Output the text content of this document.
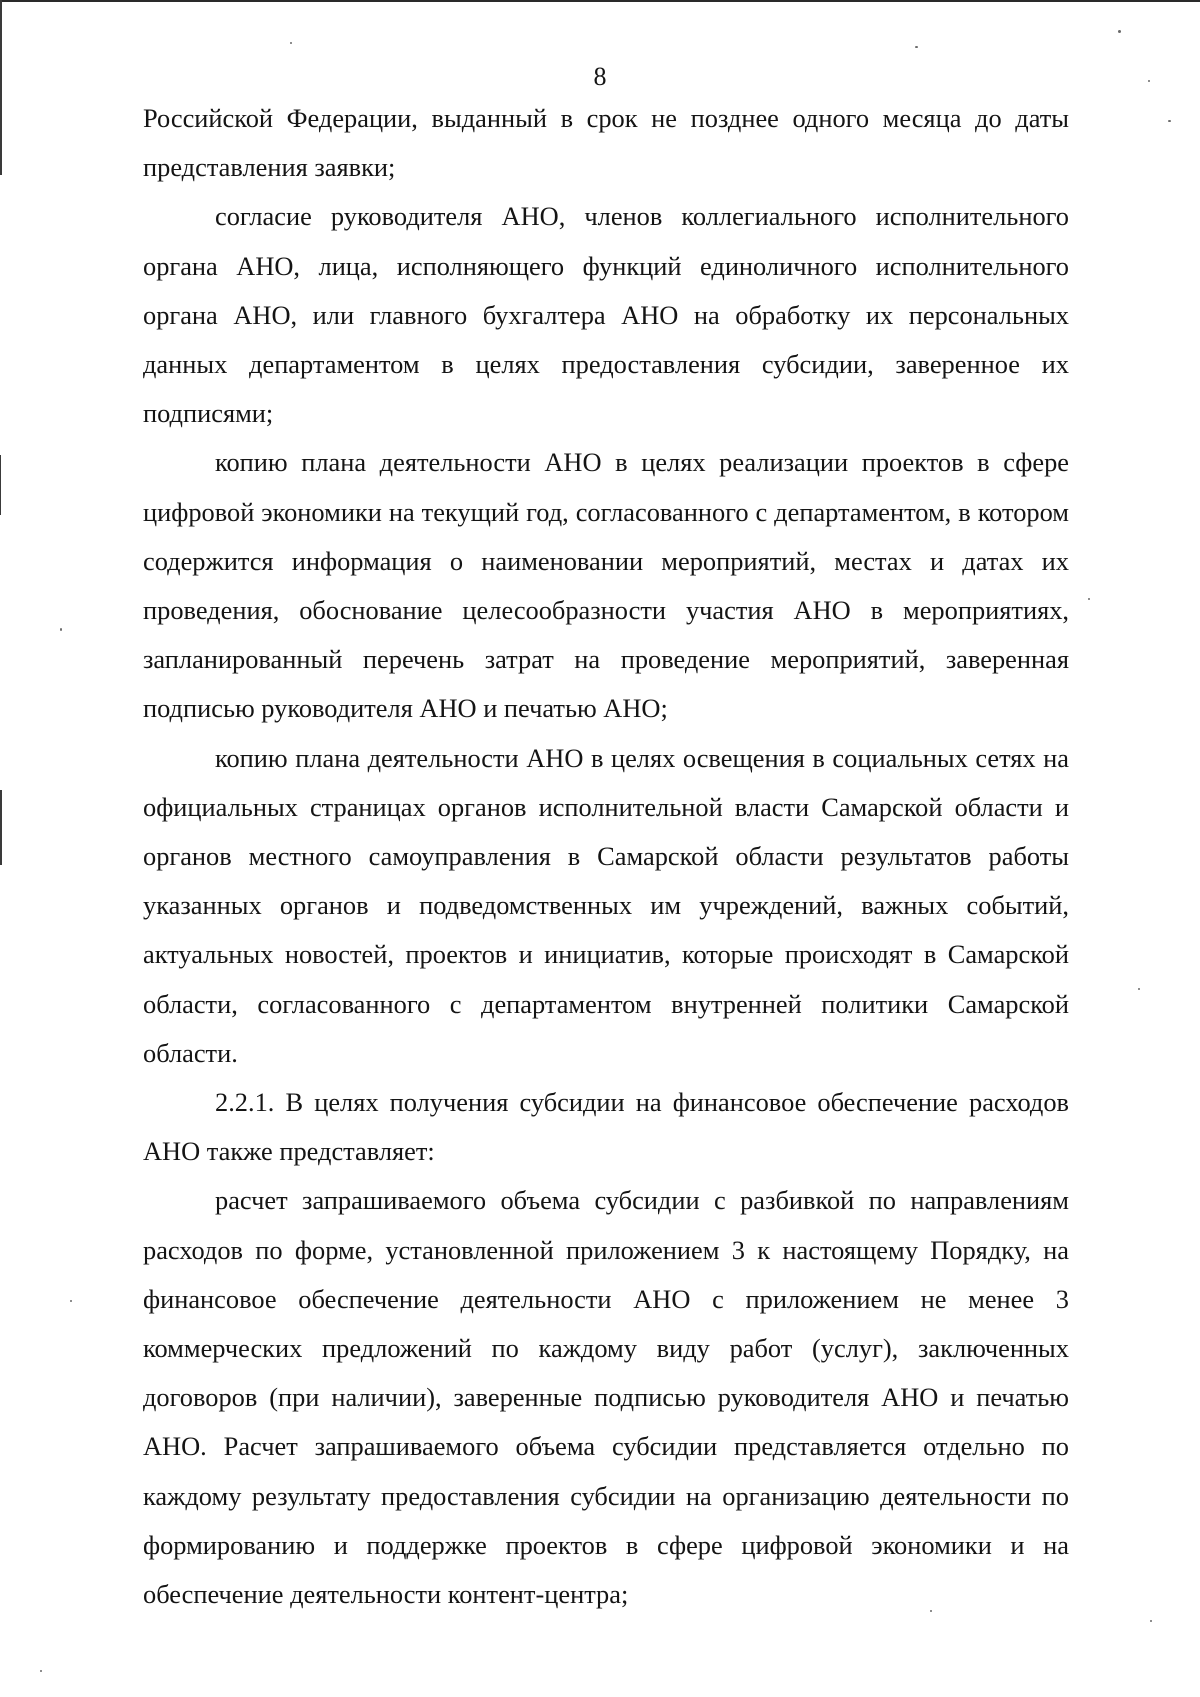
8

Российской Федерации, выданный в срок не позднее одного месяца до даты представления заявки;

согласие руководителя АНО, членов коллегиального исполнительного органа АНО, лица, исполняющего функций единоличного исполнительного органа АНО, или главного бухгалтера АНО на обработку их персональных данных департаментом в целях предоставления субсидии, заверенное их подписями;

копию плана деятельности АНО в целях реализации проектов в сфере цифровой экономики на текущий год, согласованного с департаментом, в котором содержится информация о наименовании мероприятий, местах и датах их проведения, обоснование целесообразности участия АНО в мероприятиях, запланированный перечень затрат на проведение мероприятий, заверенная подписью руководителя АНО и печатью АНО;

копию плана деятельности АНО в целях освещения в социальных сетях на официальных страницах органов исполнительной власти Самарской области и органов местного самоуправления в Самарской области результатов работы указанных органов и подведомственных им учреждений, важных событий, актуальных новостей, проектов и инициатив, которые происходят в Самарской области, согласованного с департаментом внутренней политики Самарской области.

2.2.1. В целях получения субсидии на финансовое обеспечение расходов АНО также представляет:

расчет запрашиваемого объема субсидии с разбивкой по направлениям расходов по форме, установленной приложением 3 к настоящему Порядку, на финансовое обеспечение деятельности АНО с приложением не менее 3 коммерческих предложений по каждому виду работ (услуг), заключенных договоров (при наличии), заверенные подписью руководителя АНО и печатью АНО. Расчет запрашиваемого объема субсидии представляется отдельно по каждому результату предоставления субсидии на организацию деятельности по формированию и поддержке проектов в сфере цифровой экономики и на обеспечение деятельности контент-центра;
